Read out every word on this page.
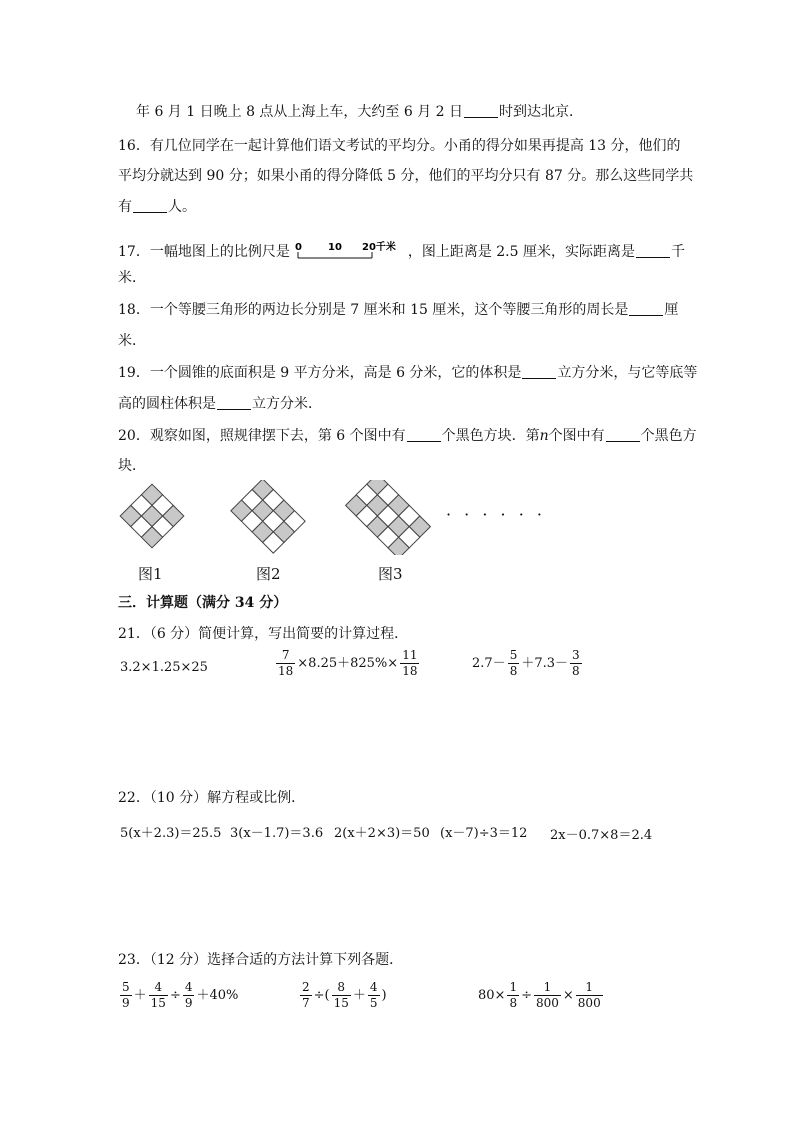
年 6 月 1 日晚上 8 点从上海上车，大约至 6 月 2 日	时到达北京．
16．有几位同学在一起计算他们语文考试的平均分。小甬的得分如果再提高 13 分，他们的
平均分就达到 90 分；如果小甬的得分降低 5 分，他们的平均分只有 87 分。那么这些同学共
有	人。
17．一幅地图上的比例尺是 0	10 20千米 ，图上距离是 2.5 厘米，实际距离是	千
米．
18．一个等腰三角形的两边长分别是 7 厘米和 15 厘米，这个等腰三角形的周长是	厘
米．
19．一个圆锥的底面积是 9 平方分米，高是 6 分米，它的体积是	立方分米，与它等底等
高的圆柱体积是	立方分米．
20．观察如图，照规律摆下去，第 6 个图中有	个黑色方块．第n个图中有	个黑色方
块．
· · · · · ·
图1	图2	图3
三．计算题（满分 34 分）
21．（6 分）简便计算，写出简要的计算过程．
3.2×1.25×25	$\frac{7}{18} \times 8.25+825\%\times \frac{11}{18}$	$2.7- \frac{5}{8} +7.3- \frac{3}{8}$
22．（10 分）解方程或比例．
5(x＋2.3)＝25.5 3(x－1.7)＝3.6 2(x＋2×3)＝50 (x－7)÷3＝12 2x－0.7×8＝2.4
23．（12 分）选择合适的方法计算下列各题．
$\frac{5}{9} + \frac{4}{15} \div \frac{4}{9} +40\%$	$\frac{2}{7}$ ÷( $\frac{8}{15} + \frac{4}{5}$ )	$80\times \frac{1}{8} \div \frac{1}{800} \times \frac{1}{800}$
